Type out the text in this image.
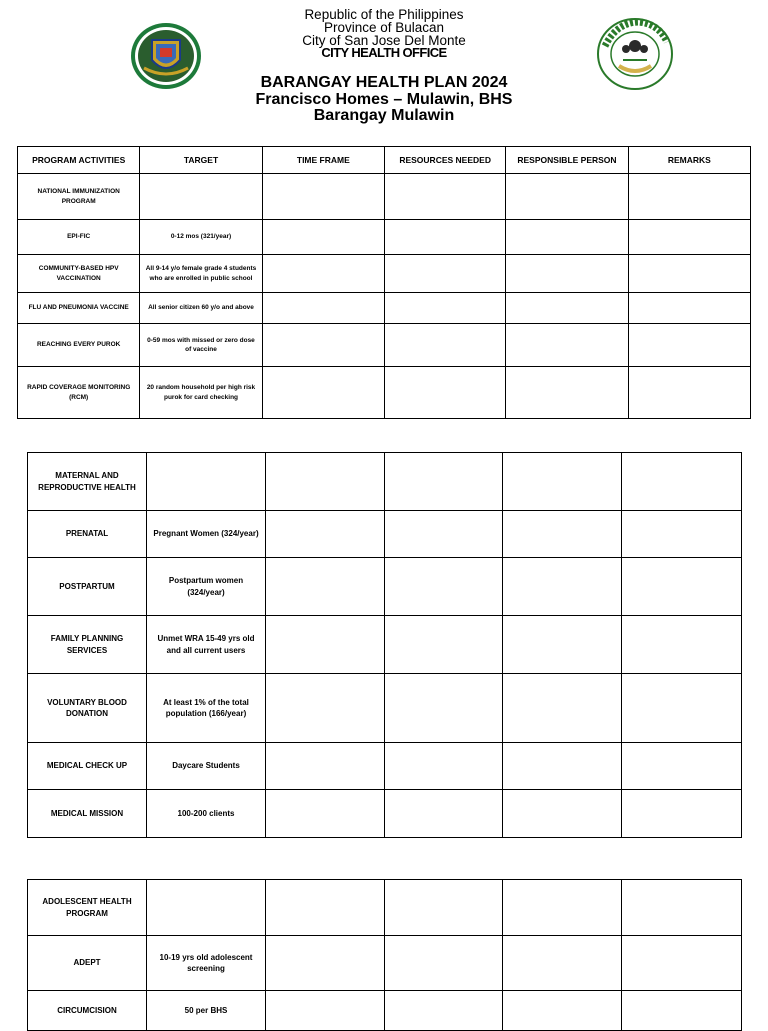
Republic of the Philippines
Province of Bulacan
City of San Jose Del Monte
CITY HEALTH OFFICE
BARANGAY HEALTH PLAN 2024
Francisco Homes – Mulawin, BHS
Barangay Mulawin
PROGRAM ACTIVITIES	TARGET	TIME FRAME	RESOURCES NEEDED	RESPONSIBLE PERSON	REMARKS
NATIONAL IMMUNIZATION PROGRAM					
EPI-FIC	0-12 mos (321/year)				
COMMUNITY-BASED HPV VACCINATION	All 9-14 y/o female grade 4 students who are enrolled in public school				
FLU AND PNEUMONIA VACCINE	All senior citizen 60 y/o and above				
REACHING EVERY PUROK	0-59 mos with missed or zero dose of vaccine				
RAPID COVERAGE MONITORING (RCM)	20 random household per high risk purok for card checking				
MATERNAL AND REPRODUCTIVE HEALTH					
PRENATAL	Pregnant Women (324/year)				
POSTPARTUM	Postpartum women (324/year)				
FAMILY PLANNING SERVICES	Unmet WRA 15-49 yrs old and all current users				
VOLUNTARY BLOOD DONATION	At least 1% of the total population (166/year)				
MEDICAL CHECK UP	Daycare Students				
MEDICAL MISSION	100-200 clients				
ADOLESCENT HEALTH PROGRAM					
ADEPT	10-19 yrs old adolescent screening				
CIRCUMCISION	50 per BHS				
